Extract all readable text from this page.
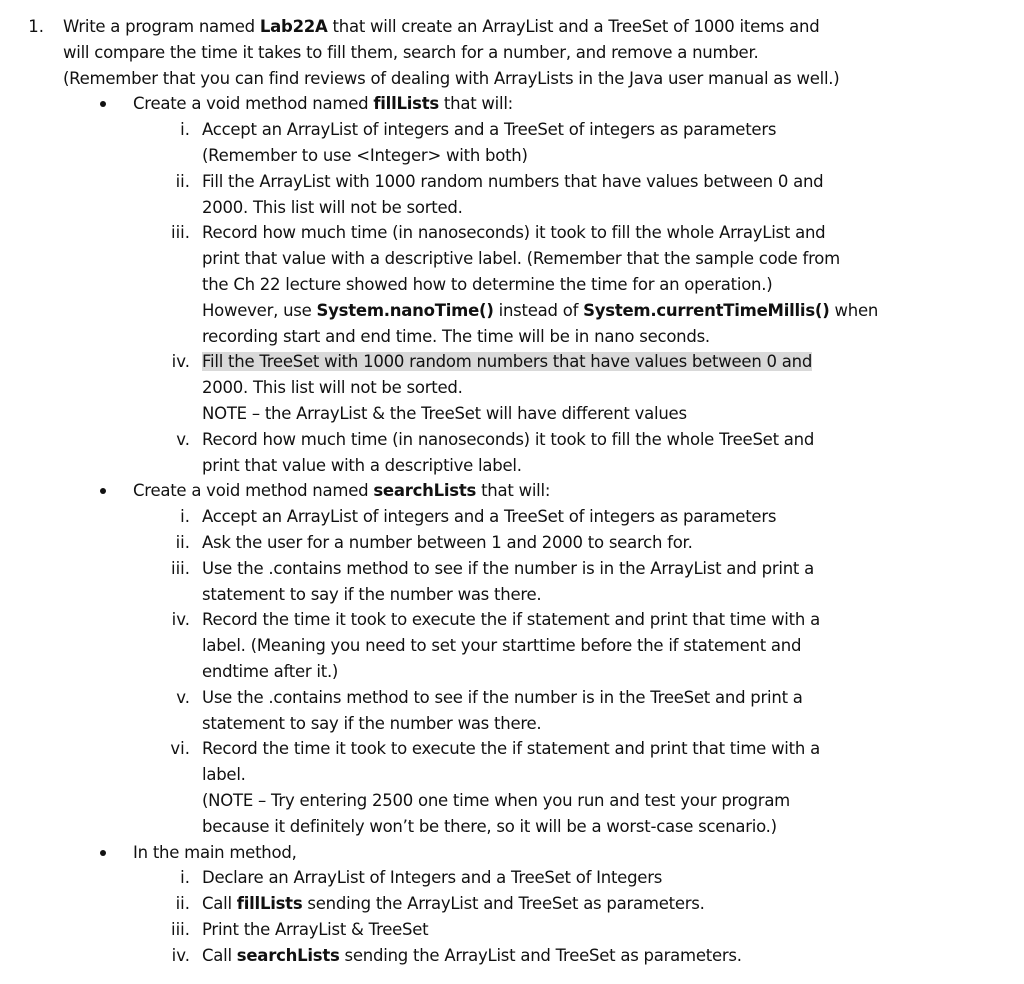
1. Write a program named Lab22A that will create an ArrayList and a TreeSet of 1000 items and
will compare the time it takes to fill them, search for a number, and remove a number.
(Remember that you can find reviews of dealing with ArrayLists in the Java user manual as well.)
Create a void method named fillLists that will:
i. Accept an ArrayList of integers and a TreeSet of integers as parameters
(Remember to use <Integer> with both)
ii. Fill the ArrayList with 1000 random numbers that have values between 0 and
2000. This list will not be sorted.
iii. Record how much time (in nanoseconds) it took to fill the whole ArrayList and
print that value with a descriptive label. (Remember that the sample code from
the Ch 22 lecture showed how to determine the time for an operation.)
However, use System.nanoTime() instead of System.currentTimeMillis() when
recording start and end time. The time will be in nano seconds.
iv. Fill the TreeSet with 1000 random numbers that have values between 0 and
2000. This list will not be sorted.
NOTE – the ArrayList & the TreeSet will have different values
v. Record how much time (in nanoseconds) it took to fill the whole TreeSet and
print that value with a descriptive label.
Create a void method named searchLists that will:
i. Accept an ArrayList of integers and a TreeSet of integers as parameters
ii. Ask the user for a number between 1 and 2000 to search for.
iii. Use the .contains method to see if the number is in the ArrayList and print a
statement to say if the number was there.
iv. Record the time it took to execute the if statement and print that time with a
label. (Meaning you need to set your starttime before the if statement and
endtime after it.)
v. Use the .contains method to see if the number is in the TreeSet and print a
statement to say if the number was there.
vi. Record the time it took to execute the if statement and print that time with a
label.
(NOTE – Try entering 2500 one time when you run and test your program
because it definitely won’t be there, so it will be a worst-case scenario.)
In the main method,
i. Declare an ArrayList of Integers and a TreeSet of Integers
ii. Call fillLists sending the ArrayList and TreeSet as parameters.
iii. Print the ArrayList & TreeSet
iv. Call searchLists sending the ArrayList and TreeSet as parameters.
